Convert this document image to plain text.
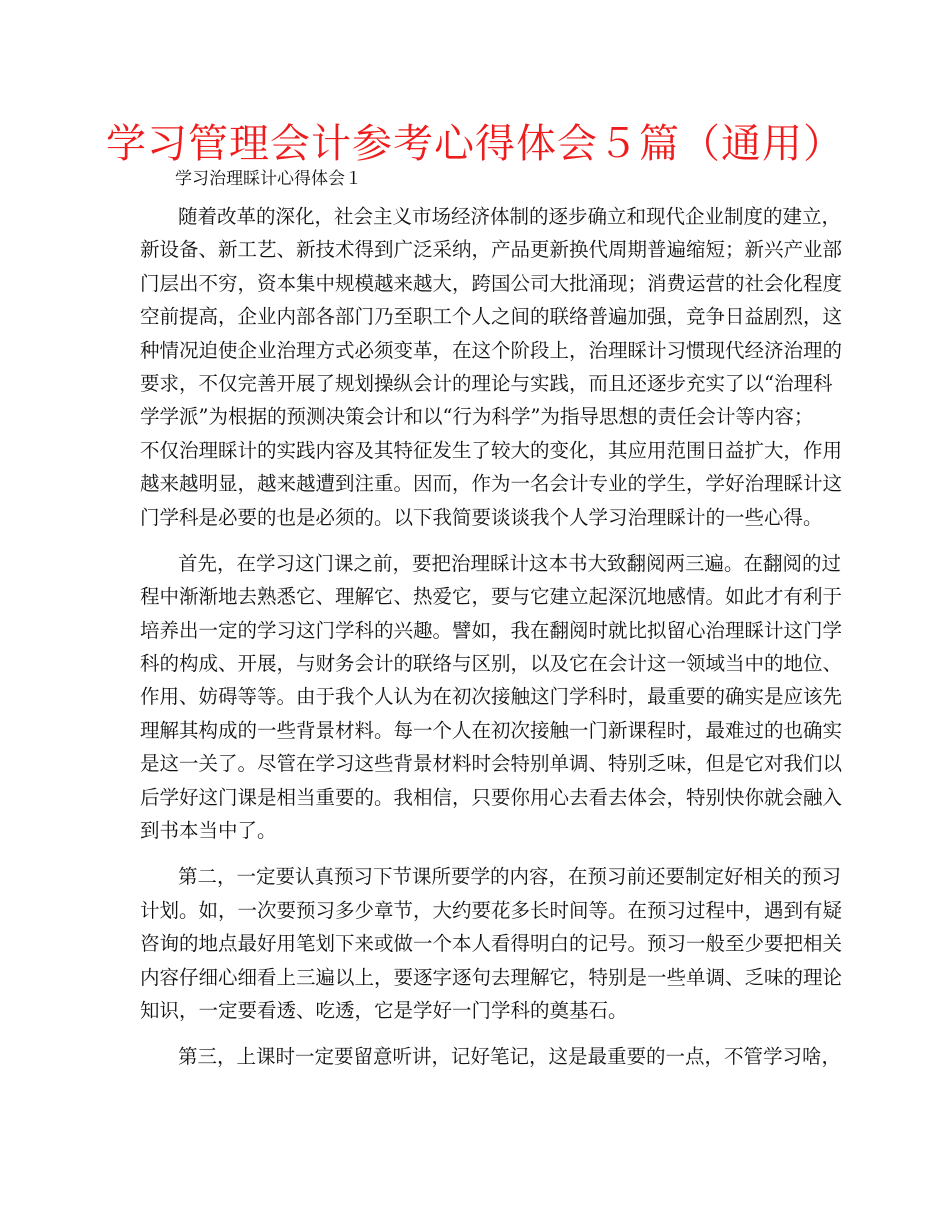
学习管理会计参考心得体会５篇（通用）
学习治理睬计心得体会１
随着改革的深化，社会主义市场经济体制的逐步确立和现代企业制度的建立，
新设备、新工艺、新技术得到广泛采纳，产品更新换代周期普遍缩短；新兴产业部
门层出不穷，资本集中规模越来越大，跨国公司大批涌现；消费运营的社会化程度
空前提高，企业内部各部门乃至职工个人之间的联络普遍加强，竞争日益剧烈，这
种情况迫使企业治理方式必须变革，在这个阶段上，治理睬计习惯现代经济治理的
要求，不仅完善开展了规划操纵会计的理论与实践，而且还逐步充实了以“治理科
学学派”为根据的预测决策会计和以“行为科学”为指导思想的责任会计等内容；
不仅治理睬计的实践内容及其特征发生了较大的变化，其应用范围日益扩大，作用
越来越明显，越来越遭到注重。因而，作为一名会计专业的学生，学好治理睬计这
门学科是必要的也是必须的。以下我简要谈谈我个人学习治理睬计的一些心得。
首先，在学习这门课之前，要把治理睬计这本书大致翻阅两三遍。在翻阅的过
程中渐渐地去熟悉它、理解它、热爱它，要与它建立起深沉地感情。如此才有利于
培养出一定的学习这门学科的兴趣。譬如，我在翻阅时就比拟留心治理睬计这门学
科的构成、开展，与财务会计的联络与区别，以及它在会计这一领域当中的地位、
作用、妨碍等等。由于我个人认为在初次接触这门学科时，最重要的确实是应该先
理解其构成的一些背景材料。每一个人在初次接触一门新课程时，最难过的也确实
是这一关了。尽管在学习这些背景材料时会特别单调、特别乏味，但是它对我们以
后学好这门课是相当重要的。我相信，只要你用心去看去体会，特别快你就会融入
到书本当中了。
第二，一定要认真预习下节课所要学的内容，在预习前还要制定好相关的预习
计划。如，一次要预习多少章节，大约要花多长时间等。在预习过程中，遇到有疑
咨询的地点最好用笔划下来或做一个本人看得明白的记号。预习一般至少要把相关
内容仔细心细看上三遍以上，要逐字逐句去理解它，特别是一些单调、乏味的理论
知识，一定要看透、吃透，它是学好一门学科的奠基石。
第三，上课时一定要留意听讲，记好笔记，这是最重要的一点，不管学习啥，
